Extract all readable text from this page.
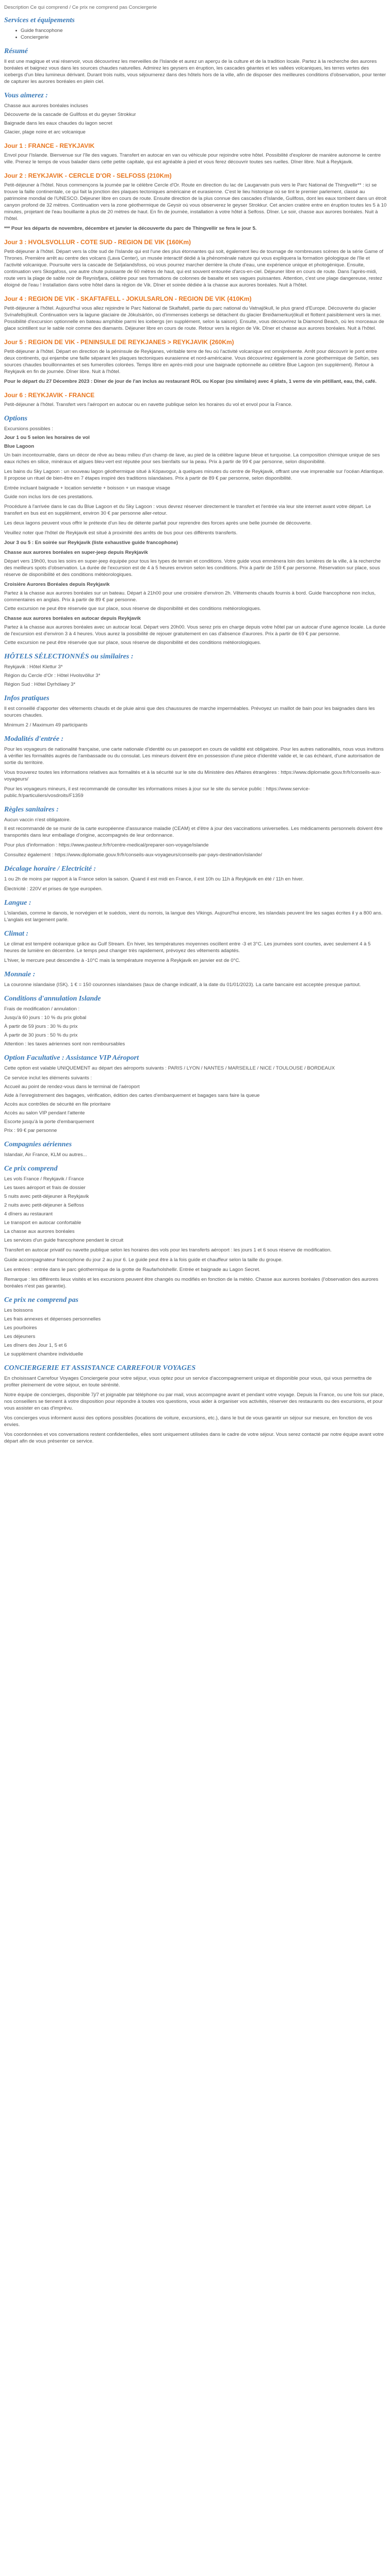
Description Ce qui comprend / Ce prix ne comprend pas Conciergerie
Services et équipements
Guide francophone
Conciergerie
Résumé

Il est une magique et vrai réservoir, vous découvrirez les merveilles de l'Islande et aurez un aperçu de la culture et de la tradition locale. Partez à la recherche des aurores boréales et baignez vous dans les sources chaudes naturelles. Admirez les geysers en éruption, les cascades géantes et les vallées volcaniques, les terres vertes des icebergs d'un bleu lumineux dérivant. Durant trois nuits, vous séjournerez dans des hôtels hors de la ville, afin de disposer des meilleures conditions d'observation, pour tenter de capturer les aurores boréales en plein ciel.

Vous aimerez :

Chasse aux aurores boréales incluses

Découverte de la cascade de Gullfoss et du geyser Strokkur

Baignade dans les eaux chaudes du lagon secret

Glacier, plage noire et arc volcanique

Jour 1 : FRANCE - REYKJAVIK

Envol pour l'Islande. Bienvenue sur l'île des vagues. Transfert en autocar en van ou véhicule pour rejoindre votre hôtel. Possibilité d'explorer de manière autonome le centre ville. Prenez le temps de vous balader dans cette petite capitale, qui est agréable à pied et vous ferez découvrir toutes ses ruelles. Dîner libre. Nuit à Reykjavik.

Jour 2 : REYKJAVIK - CERCLE D'OR - SELFOSS (210Km)

Petit-déjeuner à l'hôtel. Nous commençons la journée par le célèbre Cercle d'Or. Route en direction du lac de Laugarvatn puis vers le Parc National de Thingvellir** : ici se trouve la faille continentale, ce qui fait la jonction des plaques tectoniques américaine et eurasienne. C'est le lieu historique où se tint le premier parlement, classé au patrimoine mondial de l'UNESCO. Déjeuner libre en cours de route. Ensuite direction de la plus connue des cascades d'Islande, Gullfoss, dont les eaux tombent dans un étroit canyon profond de 32 mètres. Continuation vers la zone géothermique de Geysir où vous observerez le geyser Strokkur. Cet ancien cratère entre en éruption toutes les 5 à 10 minutes, projetant de l'eau bouillante à plus de 20 mètres de haut. En fin de journée, installation à votre hôtel à Selfoss. Dîner. Le soir, chasse aux aurores boréales. Nuit à l'hôtel.

*** Pour les départs de novembre, décembre et janvier la découverte du parc de Thingvellir se fera le jour 5.

Jour 3 : HVOLSVOLLUR - COTE SUD - REGION DE VIK (160Km)

Petit-déjeuner à l'hôtel. Départ vers la côte sud de l'Islande qui est l'une des plus étonnantes qui soit, également lieu de tournage de nombreuses scènes de la série Game of Thrones. Première arrêt au centre des volcans (Lava Center), un musée interactif dédié à la phénoménale nature qui vous expliquera la formation géologique de l'île et l'activité volcanique. Poursuite vers la cascade de Seljalandsfoss, où vous pourrez marcher derrière la chute d'eau, une expérience unique et photogénique. Ensuite, continuation vers Skogafoss, une autre chute puissante de 60 mètres de haut, qui est souvent entourée d'arcs-en-ciel. Déjeuner libre en cours de route. Dans l'après-midi, route vers la plage de sable noir de Reynisfjara, célèbre pour ses formations de colonnes de basalte et ses vagues puissantes. Attention, c'est une plage dangereuse, restez éloigné de l'eau ! Installation dans votre hôtel dans la région de Vik. Dîner et soirée dédiée à la chasse aux aurores boréales. Nuit à l'hôtel.

Jour 4 : REGION DE VIK - SKAFTAFELL - JOKULSARLON - REGION DE VIK (410Km)

Petit-déjeuner à l'hôtel. Aujourd'hui vous allez rejoindre le Parc National de Skaftafell, partie du parc national du Vatnajökull, le plus grand d'Europe. Découverte du glacier Svínafellsjökull. Continuation vers la lagune glaciaire de Jökulsárlón, où d'immenses icebergs se détachent du glacier Breiðamerkurjökull et flottent paisiblement vers la mer. Possibilité d'excursion optionnelle en bateau amphibie parmi les icebergs (en supplément, selon la saison). Ensuite, vous découvrirez la Diamond Beach, où les morceaux de glace scintillent sur le sable noir comme des diamants. Déjeuner libre en cours de route. Retour vers la région de Vik. Dîner et chasse aux aurores boréales. Nuit à l'hôtel.

Jour 5 : REGION DE VIK - PENINSULE DE REYKJANES > REYKJAVIK (260Km)

Petit-déjeuner à l'hôtel. Départ en direction de la péninsule de Reykjanes, véritable terre de feu où l'activité volcanique est omniprésente. Arrêt pour découvrir le pont entre deux continents, qui enjambe une faille séparant les plaques tectoniques eurasienne et nord-américaine. Vous découvrirez également la zone géothermique de Seltún, ses sources chaudes bouillonnantes et ses fumerolles colorées. Temps libre en après-midi pour une baignade optionnelle au célèbre Blue Lagoon (en supplément). Retour à Reykjavik en fin de journée. Dîner libre. Nuit à l'hôtel.

Pour le départ du 27 Décembre 2023 : Dîner de jour de l'an inclus au restaurant ROL ou Kopar (ou similaire) avec 4 plats, 1 verre de vin pétillant, eau, thé, café.

Jour 6 : REYKJAVIK - FRANCE

Petit-déjeuner à l'hôtel. Transfert vers l'aéroport en autocar ou en navette publique selon les horaires du vol et envol pour la France.

Options

Excursions possibles :

Jour 1 ou 5 selon les horaires de vol

Blue Lagoon

Un bain incontournable, dans un décor de rêve au beau milieu d'un champ de lave, au pied de la célèbre lagune bleue et turquoise. La composition chimique unique de ses eaux riches en silice, minéraux et algues bleu-vert est réputée pour ses bienfaits sur la peau. Prix à partir de 99 € par personne, selon disponibilité.

Les bains du Sky Lagoon : un nouveau lagon géothermique situé à Kópavogur, à quelques minutes du centre de Reykjavik, offrant une vue imprenable sur l'océan Atlantique. Il propose un rituel de bien-être en 7 étapes inspiré des traditions islandaises. Prix à partir de 89 € par personne, selon disponibilité.

Entrée incluant baignade + location serviette + boisson + un masque visage

Guide non inclus lors de ces prestations.

Procédure à l'arrivée dans le cas du Blue Lagoon et du Sky Lagoon : vous devrez réserver directement le transfert et l'entrée via leur site internet avant votre départ. Le transfert en bus est en supplément, environ 30 € par personne aller-retour.

Les deux lagons peuvent vous offrir le prétexte d'un lieu de détente parfait pour reprendre des forces après une belle journée de découverte.

Veuillez noter que l'hôtel de Reykjavik est situé à proximité des arrêts de bus pour ces différents transferts.

Jour 3 ou 5 : En soirée sur Reykjavik (liste exhaustive guide francophone)

Chasse aux aurores boréales en super-jeep depuis Reykjavik

Départ vers 19h00, tous les soirs en super-jeep équipée pour tous les types de terrain et conditions. Votre guide vous emmènera loin des lumières de la ville, à la recherche des meilleurs spots d'observation. La durée de l'excursion est de 4 à 5 heures environ selon les conditions. Prix à partir de 159 € par personne. Réservation sur place, sous réserve de disponibilité et des conditions météorologiques.

Croisière Aurores Boréales depuis Reykjavik

Partez à la chasse aux aurores boréales sur un bateau. Départ à 21h00 pour une croisière d'environ 2h. Vêtements chauds fournis à bord. Guide francophone non inclus, commentaires en anglais. Prix à partir de 89 € par personne.

Cette excursion ne peut être réservée que sur place, sous réserve de disponibilité et des conditions météorologiques.

Chasse aux aurores boréales en autocar depuis Reykjavik

Partez à la chasse aux aurores boréales avec un autocar local. Départ vers 20h00. Vous serez pris en charge depuis votre hôtel par un autocar d'une agence locale. La durée de l'excursion est d'environ 3 à 4 heures. Vous aurez la possibilité de rejouer gratuitement en cas d'absence d'aurores. Prix à partir de 69 € par personne.

Cette excursion ne peut être réservée que sur place, sous réserve de disponibilité et des conditions météorologiques.

HÔTELS SÉLECTIONNÉS ou similaires :

Reykjavik : Hôtel Klettur 3*

Région du Cercle d'Or : Hôtel Hvolsvöllur 3*

Région Sud : Hôtel Dyrhólaey 3*

Infos pratiques

Il est conseillé d'apporter des vêtements chauds et de pluie ainsi que des chaussures de marche imperméables. Prévoyez un maillot de bain pour les baignades dans les sources chaudes.

Minimum 2 / Maximum 49 participants

Modalités d'entrée :

Pour les voyageurs de nationalité française, une carte nationale d'identité ou un passeport en cours de validité est obligatoire. Pour les autres nationalités, nous vous invitons à vérifier les formalités auprès de l'ambassade ou du consulat. Les mineurs doivent être en possession d'une pièce d'identité valide et, le cas échéant, d'une autorisation de sortie du territoire.

Vous trouverez toutes les informations relatives aux formalités et à la sécurité sur le site du Ministère des Affaires étrangères : https://www.diplomatie.gouv.fr/fr/conseils-aux-voyageurs/

Pour les voyageurs mineurs, il est recommandé de consulter les informations mises à jour sur le site du service public : https://www.service-public.fr/particuliers/vosdroits/F1359

Règles sanitaires :

Aucun vaccin n'est obligatoire.

Il est recommandé de se munir de la carte européenne d'assurance maladie (CEAM) et d'être à jour des vaccinations universelles. Les médicaments personnels doivent être transportés dans leur emballage d'origine, accompagnés de leur ordonnance.

Pour plus d'information : https://www.pasteur.fr/fr/centre-medical/preparer-son-voyage/islande

Consultez également : https://www.diplomatie.gouv.fr/fr/conseils-aux-voyageurs/conseils-par-pays-destination/islande/

Décalage horaire / Electricité :

1 ou 2h de moins par rapport à la France selon la saison. Quand il est midi en France, il est 10h ou 11h à Reykjavik en été / 11h en hiver.

Électricité : 220V et prises de type européen.

Langue :

L'islandais, comme le danois, le norvégien et le suédois, vient du norrois, la langue des Vikings. Aujourd'hui encore, les islandais peuvent lire les sagas écrites il y a 800 ans. L'anglais est largement parlé.

Climat :

Le climat est tempéré océanique grâce au Gulf Stream. En hiver, les températures moyennes oscillent entre -3 et 3°C. Les journées sont courtes, avec seulement 4 à 5 heures de lumière en décembre. Le temps peut changer très rapidement, prévoyez des vêtements adaptés.

L'hiver, le mercure peut descendre à -10°C mais la température moyenne à Reykjavik en janvier est de 0°C.

Monnaie :

La couronne islandaise (ISK). 1 € = 150 couronnes islandaises (taux de change indicatif, à la date du 01/01/2023). La carte bancaire est acceptée presque partout.

Conditions d'annulation Islande

Frais de modification / annulation :

Jusqu'à 60 jours : 10 % du prix global

À partir de 59 jours : 30 % du prix

À partir de 30 jours : 50 % du prix

Attention : les taxes aériennes sont non remboursables

Option Facultative : Assistance VIP Aéroport

Cette option est valable UNIQUEMENT au départ des aéroports suivants : PARIS / LYON / NANTES / MARSEILLE / NICE / TOULOUSE / BORDEAUX

Ce service inclut les éléments suivants :

Accueil au point de rendez-vous dans le terminal de l'aéroport

Aide à l'enregistrement des bagages, vérification, édition des cartes d'embarquement et bagages sans faire la queue

Accès aux contrôles de sécurité en file prioritaire

Accès au salon VIP pendant l'attente

Escorte jusqu'à la porte d'embarquement

Prix : 99 € par personne

Compagnies aériennes

Islandair, Air France, KLM ou autres...

Ce prix comprend

Les vols France / Reykjavik / France

Les taxes aéroport et frais de dossier

5 nuits avec petit-déjeuner à Reykjavik

2 nuits avec petit-déjeuner à Selfoss

4 dîners au restaurant

Le transport en autocar confortable

La chasse aux aurores boréales

Les services d'un guide francophone pendant le circuit

Transfert en autocar privatif ou navette publique selon les horaires des vols pour les transferts aéroport : les jours 1 et 6 sous réserve de modification.

Guide accompagnateur francophone du jour 2 au jour 6. Le guide peut être à la fois guide et chauffeur selon la taille du groupe.

Les entrées : entrée dans le parc géothermique de la grotte de Raufarholshellir. Entrée et baignade au Lagon Secret.

Remarque : les différents lieux visités et les excursions peuvent être changés ou modifiés en fonction de la météo. Chasse aux aurores boréales (l'observation des aurores boréales n'est pas garantie).

Ce prix ne comprend pas

Les boissons

Les frais annexes et dépenses personnelles

Les pourboires

Les déjeuners

Les dîners des Jour 1, 5 et 6

Le supplément chambre individuelle

CONCIERGERIE ET ASSISTANCE CARREFOUR VOYAGES

En choisissant Carrefour Voyages Conciergerie pour votre séjour, vous optez pour un service d'accompagnement unique et disponible pour vous, qui vous permettra de profiter pleinement de votre séjour, en toute sérénité.

Notre équipe de concierges, disponible 7j/7 et joignable par téléphone ou par mail, vous accompagne avant et pendant votre voyage. Depuis la France, ou une fois sur place, nos conseillers se tiennent à votre disposition pour répondre à toutes vos questions, vous aider à organiser vos activités, réserver des restaurants ou des excursions, et pour vous assister en cas d'imprévu.

Vos concierges vous informent aussi des options possibles (locations de voiture, excursions, etc.), dans le but de vous garantir un séjour sur mesure, en fonction de vos envies.

Vos coordonnées et vos conversations restent confidentielles, elles sont uniquement utilisées dans le cadre de votre séjour. Vous serez contacté par notre équipe avant votre départ afin de vous présenter ce service.
